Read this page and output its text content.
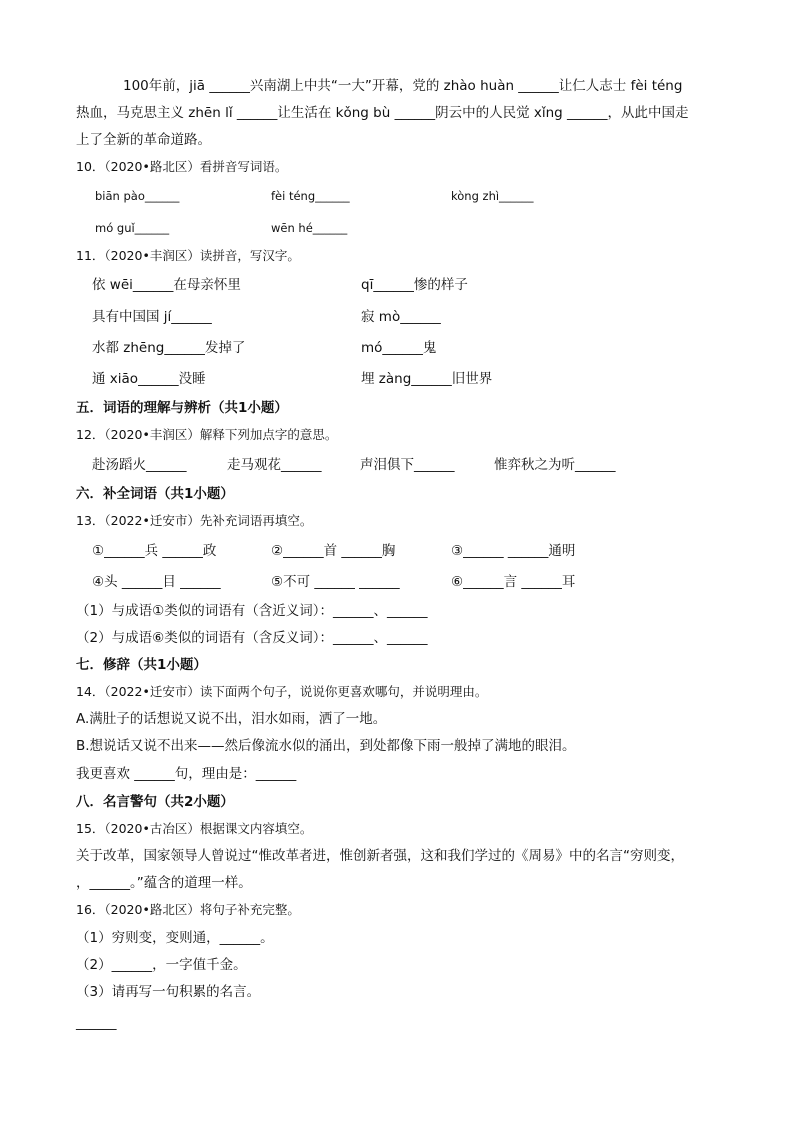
100年前，jiā ______兴南湖上中共“一大”开幕，党的 zhào huàn ______让仁人志士 fèi téng
热血，马克思主义 zhēn lǐ ______让生活在 kǒng bù ______阴云中的人民觉 xǐng ______，从此中国走
上了全新的革命道路。
10．（2020•路北区）看拼音写词语。
biān pào______	fèi téng______	kòng zhì______
mó guǐ______	wēn hé______
11．（2020•丰润区）读拼音，写汉字。
依 wēi______在母亲怀里	qī______惨的样子
具有中国国 jí______	寂 mò______
水都 zhēng______发掉了	mó______鬼
通 xiāo______没睡	埋 zàng______旧世界
五．词语的理解与辨析（共1小题）
12．（2020•丰润区）解释下列加点字的意思。
赴汤蹈火______	走马观花______	声泪俱下______	惟弈秋之为听______
六．补全词语（共1小题）
13．（2022•迁安市）先补充词语再填空。
①______兵 ______政	②______首 ______胸	③______ ______通明
④头 ______目 ______	⑤不可 ______ ______	⑥______言 ______耳
（1）与成语①类似的词语有（含近义词）：______、______
（2）与成语⑥类似的词语有（含反义词）：______、______
七．修辞（共1小题）
14．（2022•迁安市）读下面两个句子，说说你更喜欢哪句，并说明理由。
A.满肚子的话想说又说不出，泪水如雨，洒了一地。
B.想说话又说不出来——然后像流水似的涌出，到处都像下雨一般掉了满地的眼泪。
我更喜欢 ______句，理由是：______
八．名言警句（共2小题）
15．（2020•古冶区）根据课文内容填空。
关于改革，国家领导人曾说过“惟改革者进，惟创新者强，这和我们学过的《周易》中的名言“穷则变，
，______。”蕴含的道理一样。
16．（2020•路北区）将句子补充完整。
（1）穷则变，变则通，______。
（2）______，一字值千金。
（3）请再写一句积累的名言。
______
